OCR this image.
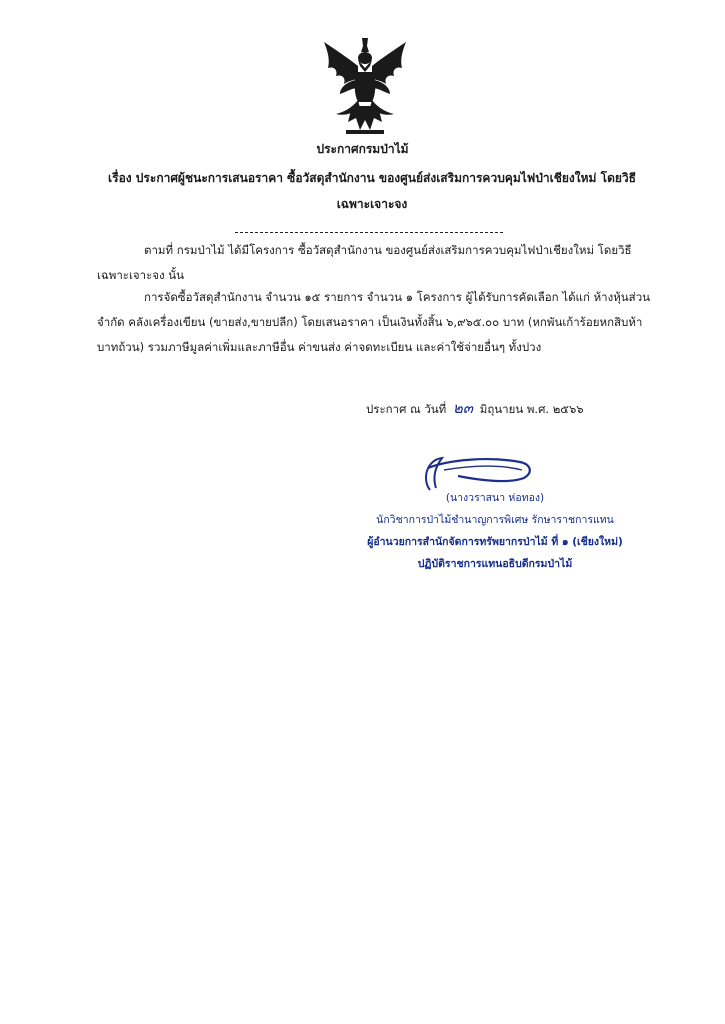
ประกาศกรมป่าไม้
เรื่อง ประกาศผู้ชนะการเสนอราคา ซื้อวัสดุสำนักงาน ของศูนย์ส่งเสริมการควบคุมไฟป่าเชียงใหม่ โดยวิธีเฉพาะเจาะจง
ตามที่ กรมป่าไม้ ได้มีโครงการ ซื้อวัสดุสำนักงาน ของศูนย์ส่งเสริมการควบคุมไฟป่าเชียงใหม่ โดยวิธีเฉพาะเจาะจง นั้น
การจัดซื้อวัสดุสำนักงาน จำนวน ๑๕ รายการ จำนวน ๑ โครงการ ผู้ได้รับการคัดเลือก ได้แก่ ห้างหุ้นส่วนจำกัด คลังเครื่องเขียน (ขายส่ง,ขายปลีก) โดยเสนอราคา เป็นเงินทั้งสิ้น ๖,๙๖๕.๐๐ บาท (หกพันเก้าร้อยหกสิบห้าบาทถ้วน) รวมภาษีมูลค่าเพิ่มและภาษีอื่น ค่าขนส่ง ค่าจดทะเบียน และค่าใช้จ่ายอื่นๆ ทั้งปวง
ประกาศ ณ วันที่ ๒๓ มิถุนายน พ.ศ. ๒๕๖๖
(นางวราสนา ห่อทอง)
นักวิชาการป่าไม้ชำนาญการพิเศษ รักษาราชการแทน
ผู้อำนวยการสำนักจัดการทรัพยากรป่าไม้ ที่ ๑ (เชียงใหม่)
ปฏิบัติราชการแทนอธิบดีกรมป่าไม้
